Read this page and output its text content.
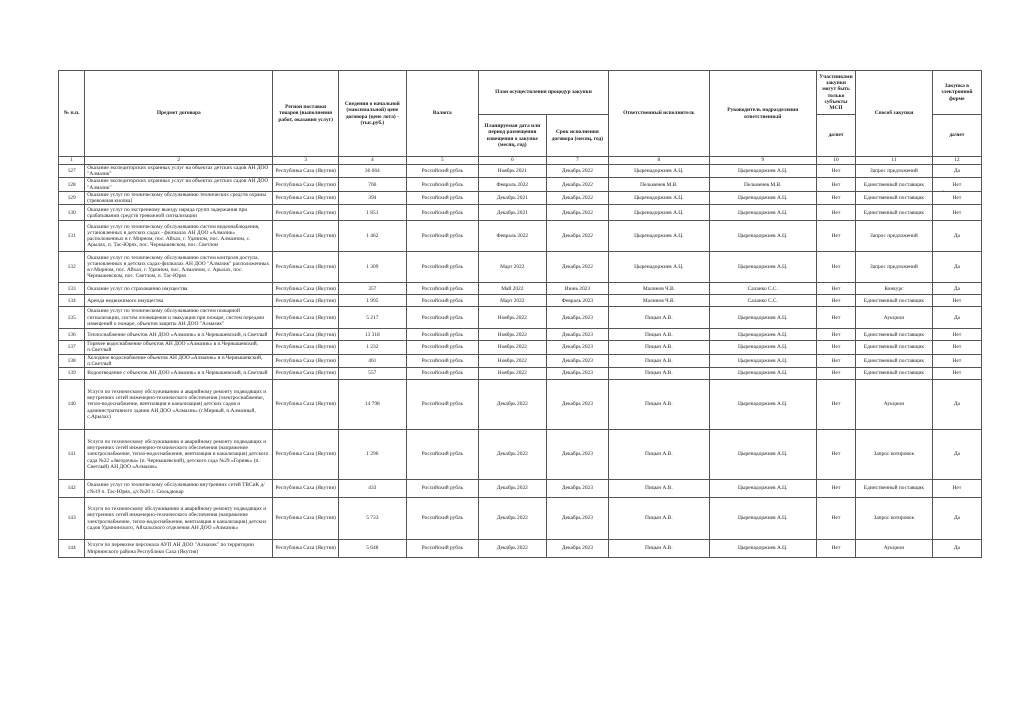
№ п.п.	Предмет договора	Регион поставки товаров (выполнения работ, оказания услуг)	Сведения о начальной (максимальной) цене договора (цене лота) - (тыс.руб.)	Валюта	План осуществления процедур закупки		Ответственный исполнитель	Руководитель подразделения ответственный	Участниками закупки могут быть только субъекты МСП	Способ закупки	Закупка в электронной форме
					Планируемая дата или период размещения извещения о закупке (месяц, год)	Срок исполнения договора (месяц, год)			да/нет		да/нет
1	2	3	4	5	6	7	8	9	10	11	12
127	Оказание экспедиторских охранных услуг на объектах детских садов АН ДОО "Алмазик"	Республика Саха (Якутия)	36 664	Российский рубль	Ноябрь 2021	Декабрь 2022	Цыренадоржиев А.Ц.	Цыренадоржиев А.Ц.	Нет	Запрос предложений	Да
128	Оказание экспедиторских охранных услуг на объектах детских садов АН ДОО "Алмазик"	Республика Саха (Якутия)	766	Российский рубль	Февраль 2022	Декабрь 2022	Пельменев М.В.	Пельменев М.В.	Нет	Единственный поставщик	Нет
129	Оказание услуг по техническому обслуживанию технических средств охраны (тревожная кнопка)	Республика Саха (Якутия)	394	Российский рубль	Декабрь 2021	Декабрь 2022	Цыренадоржиев А.Ц.	Цыренадоржиев А.Ц.	Нет	Единственный поставщик	Нет
130	Оказание услуг по экстренному выезду наряда групп задержания при срабатывании средств тревожной сигнализации	Республика Саха (Якутия)	1 851	Российский рубль	Декабрь 2021	Декабрь 2022	Цыренадоржиев А.Ц.	Цыренадоржиев А.Ц.	Нет	Единственный поставщик	Нет
131	Оказание услуг по техническому обслуживанию систем видеонаблюдения, установленных в детских садах - филиалах АН ДОО «Алмазик» расположенных в г. Мирном, пос. Айхал, г. Удачном, пос. Алмазном, с. Арылах, п. Тас-Юрях, пос. Чернышевском, пос. Светлом	Республика Саха (Якутия)	1 462	Российский рубль	Февраль 2022	Декабрь 2022	Цыренадоржиев А.Ц.	Цыренадоржиев А.Ц.	Нет	Запрос предложений	Да
132	Оказание услуг по техническому обслуживанию систем контроля доступа, установленных в детских садах-филиалах АН ДОО "Алмазик" расположенных в г.Мирном, пос. Айхал, г. Удачном, пос. Алмазном, с. Арылах, пос. Чернышевском, пос. Светлом, п. Тас-Юрях	Республика Саха (Якутия)	1 309	Российский рубль	Март 2022	Декабрь 2022	Цыренадоржиев А.Ц.	Цыренадоржиев А.Ц.	Нет	Запрос предложений	Да
133	Оказание услуг по страхованию имущества	Республика Саха (Якутия)	357	Российский рубль	Май 2022	Июнь 2023	Малинов Ч.В.	Саланко С.С.	Нет	Конкурс	Да
134	Аренда недвижимого имущества	Республика Саха (Якутия)	1 995	Российский рубль	Март 2022	Февраль 2023	Малинов Ч.В.	Саланко С.С.	Нет	Единственный поставщик	Нет
135	Оказание услуг по техническому обслуживанию систем пожарной сигнализации, систем оповещения и эвакуации при пожаре, систем передачи извещений о пожаре, объектов защиты АН ДОО "Алмазик"	Республика Саха (Якутия)	5 217	Российский рубль	Ноябрь 2022	Декабрь 2023	Пицын А.В.	Цыренадоржиев А.Ц.	Нет	Аукцион	Да
136	Теплоснабжение объектов АН ДОО «Алмазик» в п.Чернышевский, п.Светлый	Республика Саха (Якутия)	13 318	Российский рубль	Ноябрь 2022	Декабрь 2023	Пицын А.В.	Цыренадоржиев А.Ц.	Нет	Единственный поставщик	Нет
137	Горячее водоснабжение объектов АН ДОО «Алмазик» в п.Чернышевский, п.Светлый	Республика Саха (Якутия)	1 232	Российский рубль	Ноябрь 2022	Декабрь 2023	Пицын А.В.	Цыренадоржиев А.Ц.	Нет	Единственный поставщик	Нет
138	Холодное водоснабжение объектов АН ДОО «Алмазик» в п.Чернышевский, п.Светлый	Республика Саха (Якутия)	461	Российский рубль	Ноябрь 2022	Декабрь 2023	Пицын А.В.	Цыренадоржиев А.Ц.	Нет	Единственный поставщик	Нет
139	Водоотведение с объектов АН ДОО «Алмазик» в п.Чернышевский, п.Светлый	Республика Саха (Якутия)	557	Российский рубль	Ноябрь 2022	Декабрь 2023	Пицын А.В.	Цыренадоржиев А.Ц.	Нет	Единственный поставщик	Нет
140	Услуги по техническому обслуживанию и аварийному ремонту подводящих и внутренних сетей инженерно-технического обеспечения (электроснабжение, тепло-водоснабжение, вентиляция и канализация) детских садов и административного здания АН ДОО «Алмазик» (г.Мирный, п.Алмазный, с.Арылах)	Республика Саха (Якутия)	14 798	Российский рубль	Декабрь 2022	Декабрь 2023	Пицын А.В.	Цыренадоржиев А.Ц.	Нет	Аукцион	Да
141	Услуги по техническому обслуживанию и аварийному ремонту подводящих и внутренних сетей инженерно-технического обеспечения (напряжение электроснабжение, тепло-водоснабжение, вентиляция и канализация) детского сада №22 «Звездочка» (п. Чернышевский), детского сада №29 «Горняк» (п. Светлый) АН ДОО «Алмазик»	Республика Саха (Якутия)	1 296	Российский рубль	Декабрь 2022	Декабрь 2023	Пицын А.В.	Цыренадоржиев А.Ц.	Нет	Запрос котировок	Да
142	Оказание услуг по техническому обслуживанию внутренних сетей ТВСиК д/с№19 п. Тас-Юрях, д/с№20 с. Сюльдюкар	Республика Саха (Якутия)	433	Российский рубль	Декабрь 2022	Декабрь 2023	Пицын А.В.	Цыренадоржиев А.Ц.	Нет	Единственный поставщик	Нет
143	Услуги по техническому обслуживанию и аварийному ремонту подводящих и внутренних сетей инженерно-технического обеспечения (напряжение электроснабжение, тепло-водоснабжение, вентиляция и канализация) детских садов Удачнинского, Айхальского отделения АН ДОО «Алмазик»	Республика Саха (Якутия)	5 733	Российский рубль	Декабрь 2022	Декабрь 2023	Пицын А.В.	Цыренадоржиев А.Ц.	Нет	Запрос котировок	Да
144	Услуги по перевозке персонала АУП АН ДОО "Алмазик" по территории Мирнинского района Республики Саха (Якутия)	Республика Саха (Якутия)	5 648	Российский рубль	Декабрь 2022	Декабрь 2023	Пицын А.В.	Цыренадоржиев А.Ц.	Нет	Аукцион	Да
